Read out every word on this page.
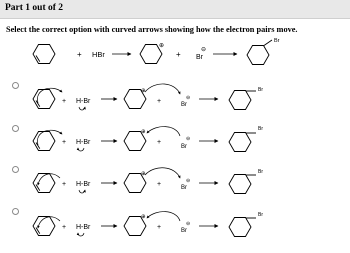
Part 1 out of 2
Select the correct option with curved arrows showing how the electron pairs move.
+ HBr
⊕
+ Br
⊖
Br
+ H-Br
⊕
+	Br
⊖
Br
+ H-Br
⊕
+
Br
⊖
Br
+ H-Br
⊕
+	Br
⊖
Br
+ H-Br
⊕
+	Br
⊖
Br
